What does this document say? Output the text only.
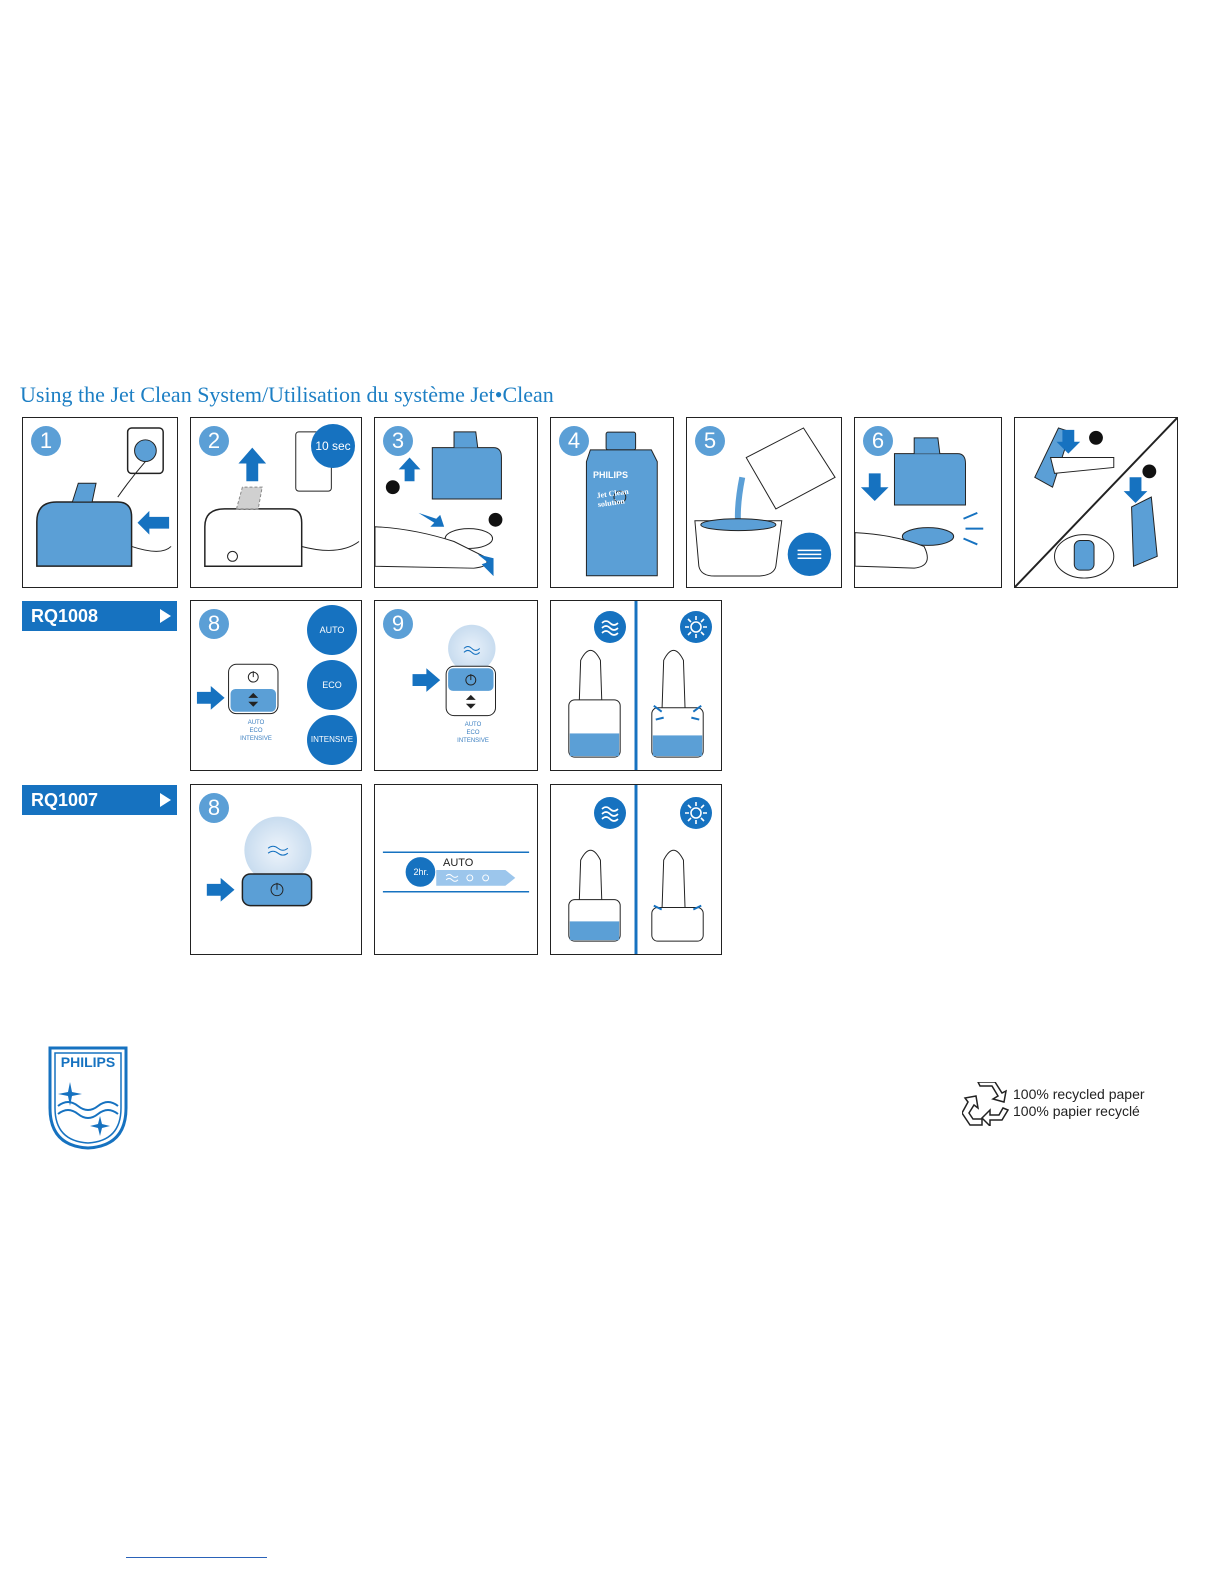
Using the Jet Clean System/Utilisation du système Jet•Clean
1	2	10 sec	3	4
PHILIPS
Jet Clean solution
5	6
RQ1008	8	AUTO
ECO
INTENSIVE
AUTO
ECO
INTENSIVE
9
AUTO
ECO
INTENSIVE
RQ1007	8
2hr.
AUTO
PHILIPS
100% recycled paper
100% papier recyclé
